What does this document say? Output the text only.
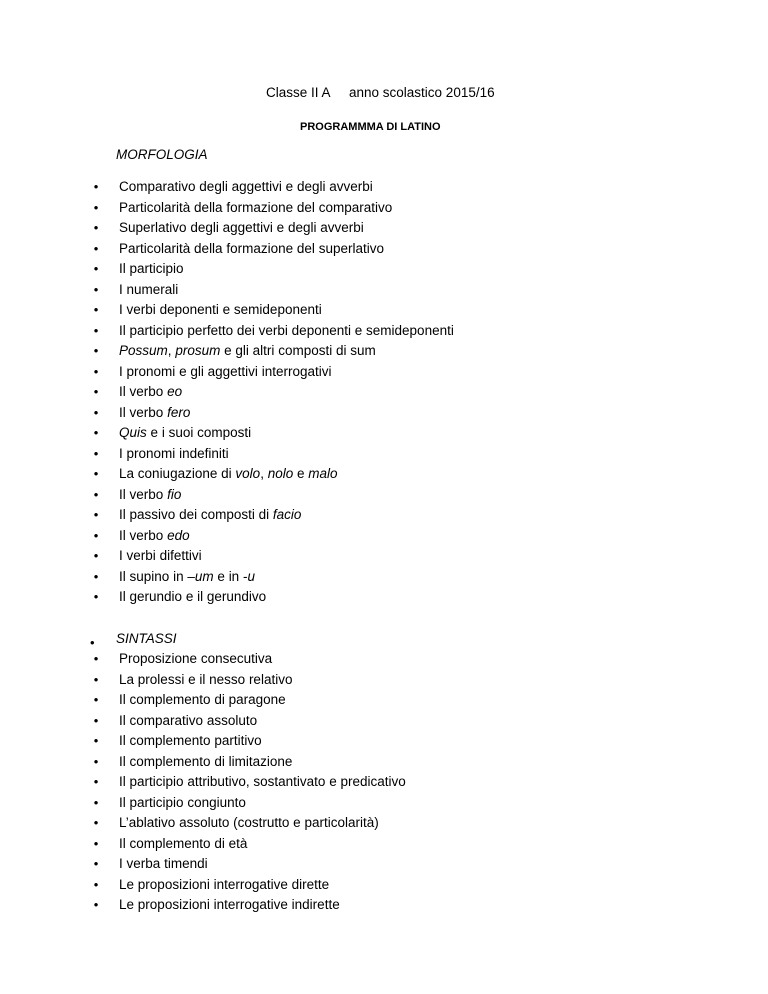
Classe II A anno scolastico 2015/16
PROGRAMMMA DI LATINO
MORFOLOGIA
• Comparativo degli aggettivi e degli avverbi
• Particolarità della formazione del comparativo
• Superlativo degli aggettivi e degli avverbi
• Particolarità della formazione del superlativo
• Il participio
• I numerali
• I verbi deponenti e semideponenti
• Il participio perfetto dei verbi deponenti e semideponenti
• Possum, prosum e gli altri composti di sum
• I pronomi e gli aggettivi interrogativi
• Il verbo eo
• Il verbo fero
• Quis e i suoi composti
• I pronomi indefiniti
• La coniugazione di volo, nolo e malo
• Il verbo fio
• Il passivo dei composti di facio
• Il verbo edo
• I verbi difettivi
• Il supino in –um e in -u
• Il gerundio e il gerundivo
• SINTASSI
• Proposizione consecutiva
• La prolessi e il nesso relativo
• Il complemento di paragone
• Il comparativo assoluto
• Il complemento partitivo
• Il complemento di limitazione
• Il participio attributivo, sostantivato e predicativo
• Il participio congiunto
• L’ablativo assoluto (costrutto e particolarità)
• Il complemento di età
• I verba timendi
• Le proposizioni interrogative dirette
• Le proposizioni interrogative indirette
